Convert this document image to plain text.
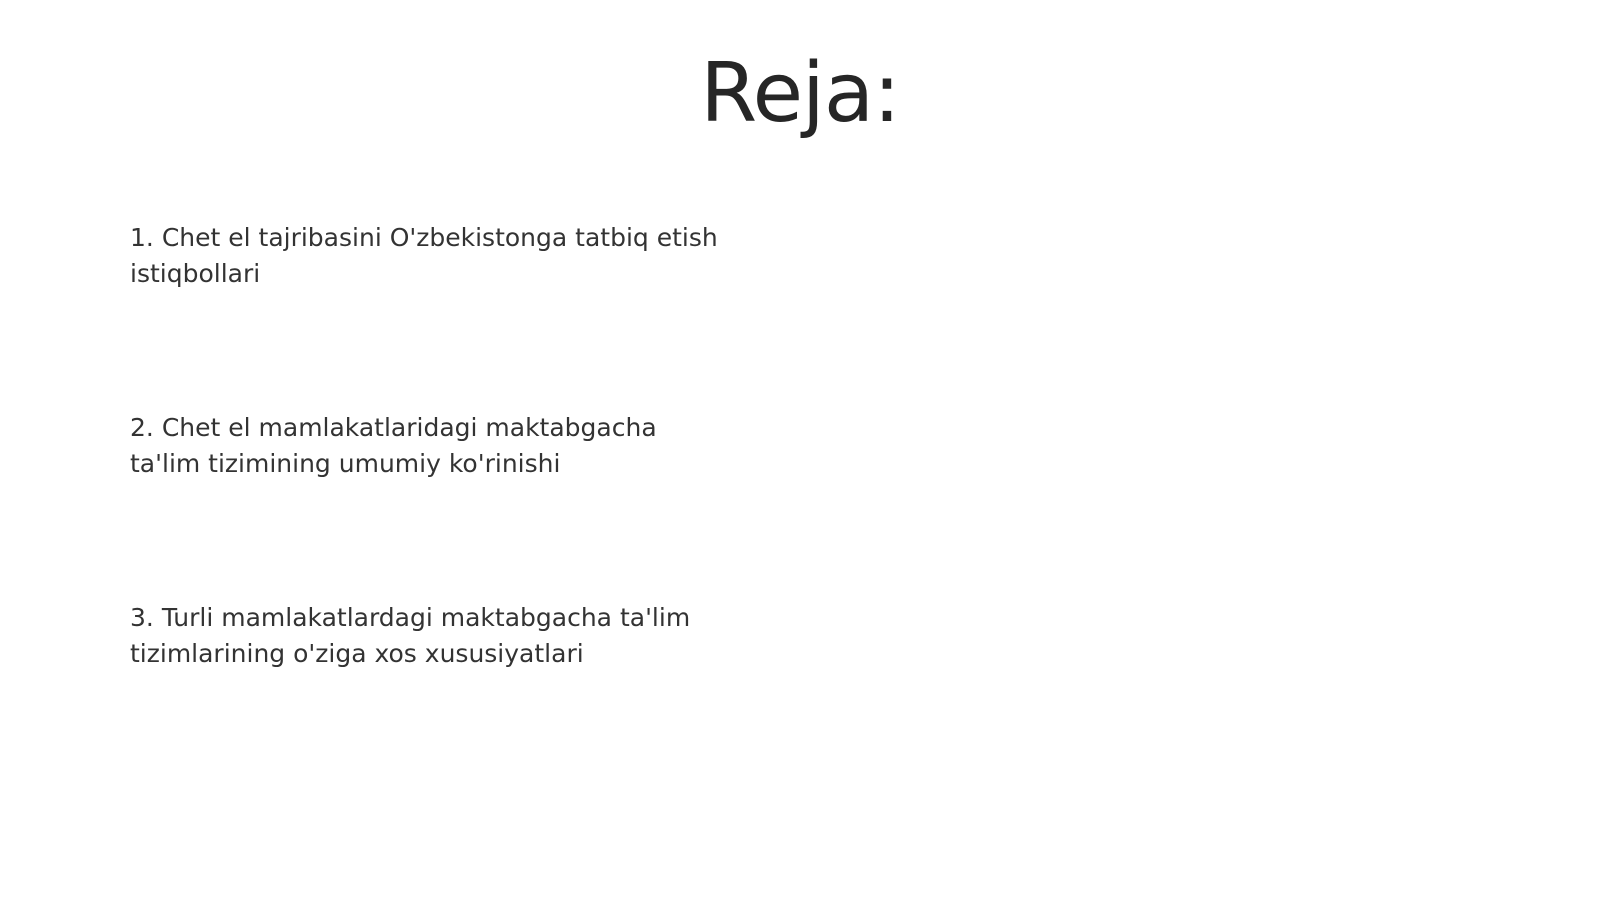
Reja:

1. Chet el tajribasini O'zbekistonga tatbiq etish istiqbollari

2. Chet el mamlakatlaridagi maktabgacha ta'lim tizimining umumiy ko'rinishi

3. Turli mamlakatlardagi maktabgacha ta'lim tizimlarining o'ziga xos xususiyatlari
